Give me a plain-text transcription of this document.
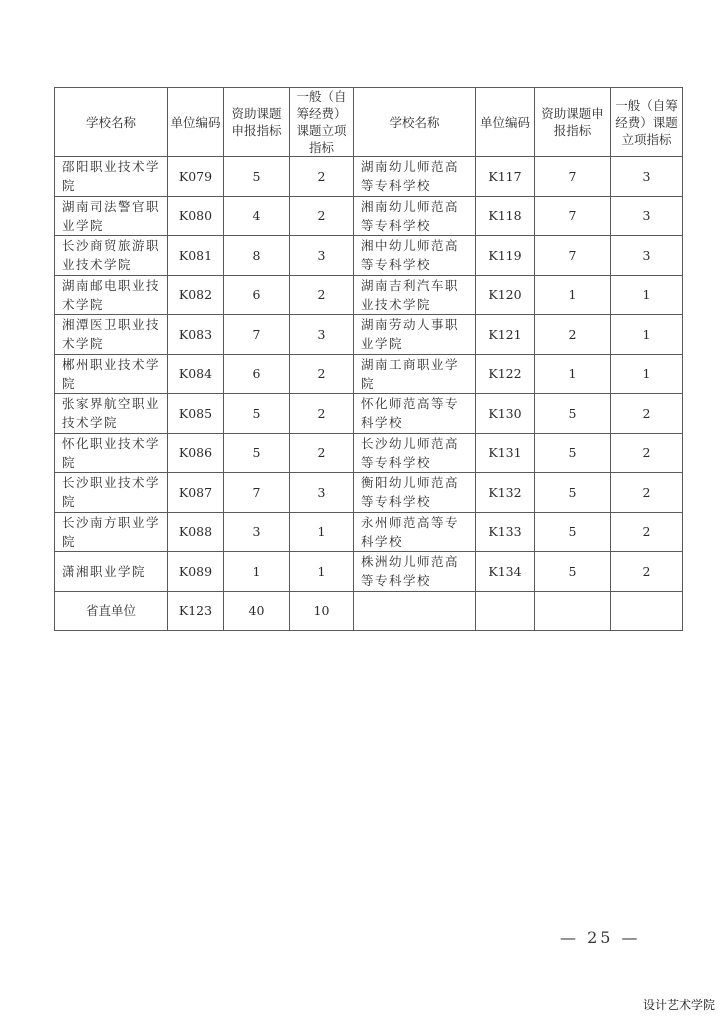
学校名称	单位编码	资助课题申报指标	一般（自筹经费）课题立项指标	学校名称	单位编码	资助课题申报指标	一般（自筹经费）课题立项指标
邵阳职业技术学院	K079	5	2	湖南幼儿师范高等专科学校	K117	7	3
湖南司法警官职业学院	K080	4	2	湘南幼儿师范高等专科学校	K118	7	3
长沙商贸旅游职业技术学院	K081	8	3	湘中幼儿师范高等专科学校	K119	7	3
湖南邮电职业技术学院	K082	6	2	湖南吉利汽车职业技术学院	K120	1	1
湘潭医卫职业技术学院	K083	7	3	湖南劳动人事职业学院	K121	2	1
郴州职业技术学院	K084	6	2	湖南工商职业学院	K122	1	1
张家界航空职业技术学院	K085	5	2	怀化师范高等专科学校	K130	5	2
怀化职业技术学院	K086	5	2	长沙幼儿师范高等专科学校	K131	5	2
长沙职业技术学院	K087	7	3	衡阳幼儿师范高等专科学校	K132	5	2
长沙南方职业学院	K088	3	1	永州师范高等专科学校	K133	5	2
潇湘职业学院	K089	1	1	株洲幼儿师范高等专科学校	K134	5	2
省直单位	K123	40	10				
— 25 —
设计艺术学院
